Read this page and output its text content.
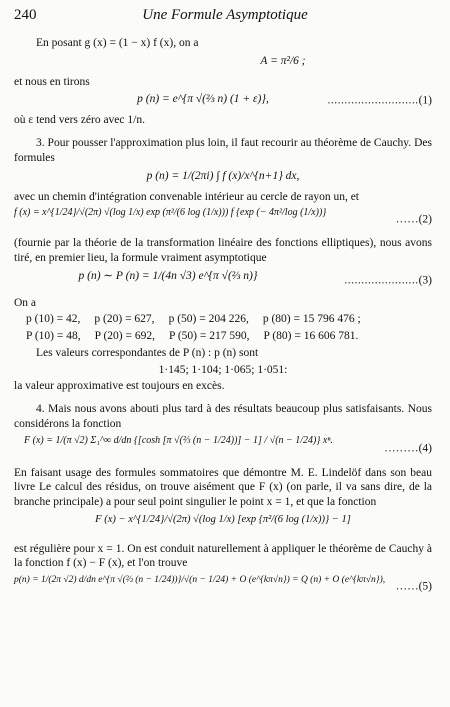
240	Une Formule Asymptotique

En posant g (x) = (1 − x) f (x), on a

A = π²/6 ;

et nous en tirons

p (n) = e^{π √(⅔ n) (1 + ε)},	...........................(1)

où ε tend vers zéro avec 1/n.

3. Pour pousser l'approximation plus loin, il faut recourir au théorème de Cauchy. Des formules

p (n) = 1/(2πi) ∫ f (x)/x^{n+1} dx,

avec un chemin d'intégration convenable intérieur au cercle de rayon un, et

f (x) = x^{1/24}/√(2π) √(log 1/x) exp (π²/(6 log (1/x))) f {exp (− 4π²/log (1/x))}
……(2)

(fournie par la théorie de la transformation linéaire des fonctions elliptiques), nous avons tiré, en premier lieu, la formule vraiment asymptotique

p (n) ∼ P (n) = 1/(4n √3) e^{π √(⅔ n)}	......................(3)

On a

p (10) = 42, p (20) = 627, p (50) = 204 226, p (80) = 15 796 476 ;
P (10) = 48, P (20) = 692, P (50) = 217 590, P (80) = 16 606 781.

Les valeurs correspondantes de P (n) : p (n) sont

1·145; 1·104; 1·065; 1·051:

la valeur approximative est toujours en excès.

4. Mais nous avons abouti plus tard à des résultats beaucoup plus satisfaisants. Nous considérons la fonction

F (x) = 1/(π √2) Σ₁^∞ d/dn {[cosh [π √(⅔ (n − 1/24))] − 1] / √(n − 1/24)} xⁿ.
………(4)

En faisant usage des formules sommatoires que démontre M. E. Lindelöf dans son beau livre Le calcul des résidus, on trouve aisément que F (x) (on parle, il va sans dire, de la branche principale) a pour seul point singulier le point x = 1, et que la fonction

F (x) − x^{1/24}/√(2π) √(log 1/x) [exp {π²/(6 log (1/x))} − 1]

est régulière pour x = 1. On est conduit naturellement à appliquer le théorème de Cauchy à la fonction f (x) − F (x), et l'on trouve

p(n) = 1/(2π √2) d/dn e^{π √(⅔ (n − 1/24))}/√(n − 1/24) + O (e^{kπ√n}) = Q (n) + O (e^{kπ√n}),
……(5)
